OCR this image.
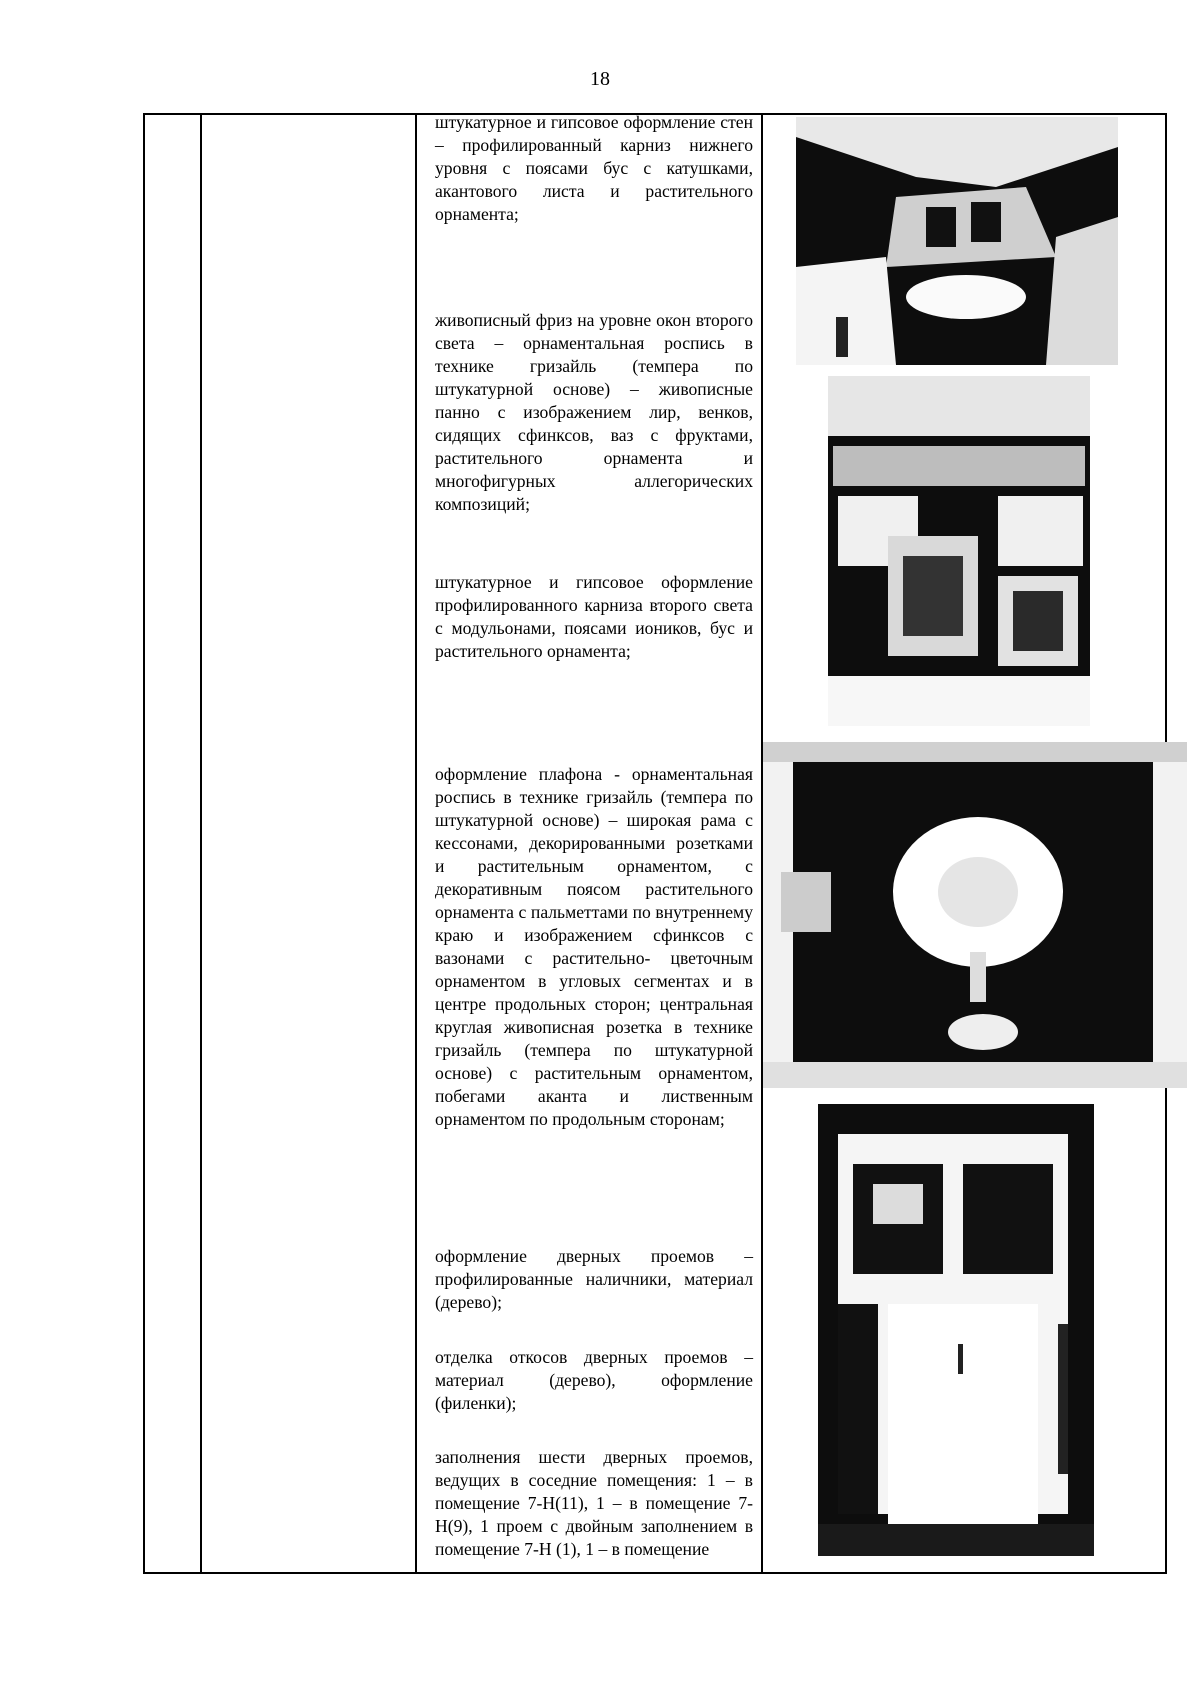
18

штукатурное и гипсовое оформление стен – профилированный карниз нижнего уровня с поясами бус с катушками, акантового листа и растительного орнамента;

живописный фриз на уровне окон второго света – орнаментальная роспись в технике гризайль (темпера по штукатурной основе) – живописные панно с изображением лир, венков, сидящих сфинксов, ваз с фруктами, растительного орнамента и многофигурных аллегорических композиций;

штукатурное и гипсовое оформление профилированного карниза второго света с модульонами, поясами иоников, бус и растительного орнамента;

оформление плафона - орнаментальная роспись в технике гризайль (темпера по штукатурной основе) – широкая рама с кессонами, декорированными розетками и растительным орнаментом, с декоративным поясом растительного орнамента с пальметтами по внутреннему краю и изображением сфинксов с вазонами с растительно- цветочным орнаментом в угловых сегментах и в центре продольных сторон; центральная круглая живописная розетка в технике гризайль (темпера по штукатурной основе) с растительным орнаментом, побегами аканта и лиственным орнаментом по продольным сторонам;

оформление дверных проемов – профилированные наличники, материал (дерево);

отделка откосов дверных проемов – материал (дерево), оформление (филенки);

заполнения шести дверных проемов, ведущих в соседние помещения: 1 – в помещение 7-Н(11), 1 – в помещение 7-Н(9), 1 проем с двойным заполнением в помещение 7-Н (1), 1 – в помещение
